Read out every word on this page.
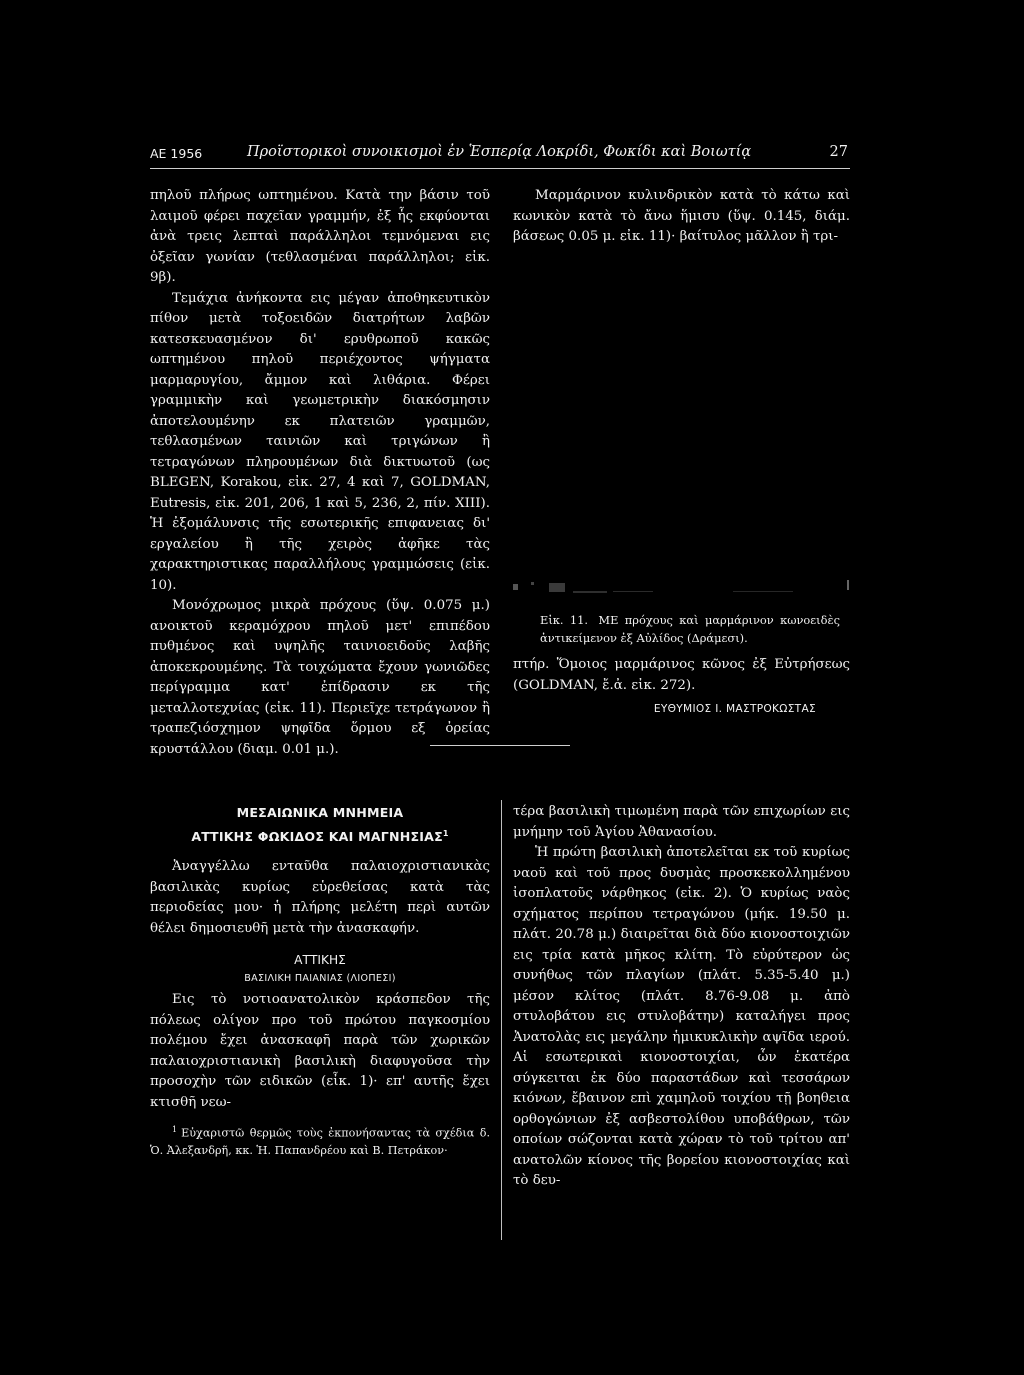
ΑΕ 1956	Προϊστορικοὶ συνοικισμοὶ ἐν Ἑσπερίᾳ Λοκρίδι, Φωκίδι καὶ Βοιωτίᾳ	27

πηλοῦ πλήρως ωπτημένου. Κατὰ την βάσιν τοῦ λαιμοῦ φέρει παχεῖαν γραμμήν, ἐξ ἧς εκφύονται ἀνὰ τρεις λεπταὶ παράλληλοι τεμνόμεναι εις ὀξεῖαν γωνίαν (τεθλασμέναι παράλληλοι; εἰκ. 9β).

Τεμάχια ἀνήκοντα εις μέγαν ἀποθηκευτικὸν πίθον μετὰ τοξοειδῶν διατρήτων λαβῶν κατεσκευασμένον δι' ερυθρωποῦ κακῶς ωπτημένου πηλοῦ περιέχοντος ψήγματα μαρμαρυγίου, ἄμμον καὶ λιθάρια. Φέρει γραμμικὴν καὶ γεωμετρικὴν διακόσμησιν ἀποτελουμένην εκ πλατειῶν γραμμῶν, τεθλασμένων ταινιῶν καὶ τριγώνων ἢ τετραγώνων πληρουμένων διὰ δικτυωτοῦ (ως BLEGEN, Korakou, εἰκ. 27, 4 καὶ 7, GOLDMAN, Eutresis, εἰκ. 201, 206, 1 καὶ 5, 236, 2, πίν. XIII). Ἡ ἐξομάλυνσις τῆς εσωτερικῆς επιφανειας δι' εργαλείου ἢ τῆς χειρὸς ἀφῆκε τὰς χαρακτηριστικας παραλλήλους γραμμώσεις (εἰκ. 10).

Μονόχρωμος μικρὰ πρόχους (ὕψ. 0.075 μ.) ανοικτοῦ κεραμόχρου πηλοῦ μετ' επιπέδου πυθμένος καὶ υψηλῆς ταινιοειδοῦς λαβῆς ἀποκεκρουμένης. Τὰ τοιχώματα ἔχουν γωνιῶδες περίγραμμα κατ' ἐπίδρασιν εκ τῆς μεταλλοτεχνίας (εἰκ. 11). Περιεῖχε τετράγωνον ἢ τραπεζιόσχημον ψηφῖδα ὅρμου εξ ὀρείας κρυστάλλου (διαμ. 0.01 μ.).

Μαρμάρινον κυλινδρικὸν κατὰ τὸ κάτω καὶ κωνικὸν κατὰ τὸ ἄνω ἥμισυ (ὕψ. 0.145, διάμ. βάσεως 0.05 μ. εἰκ. 11)· βαίτυλος μᾶλλον ἢ τρι-

Εἰκ. 11. ΜΕ πρόχους καὶ μαρμάρινον κωνοειδὲς ἀντικείμενον ἐξ Αὐλίδος (Δράμεσι).

πτήρ. Ὅμοιος μαρμάρινος κῶνος ἐξ Εὐτρήσεως (GOLDMAN, ἔ.ἀ. εἰκ. 272).

ΕΥΘΥΜΙΟΣ Ι. ΜΑΣΤΡΟΚΩΣΤΑΣ
ΜΕΣΑΙΩΝΙΚΑ ΜΝΗΜΕΙΑ
ΑΤΤΙΚΗΣ ΦΩΚΙΔΟΣ ΚΑΙ ΜΑΓΝΗΣΙΑΣ$^1$

Ἀναγγέλλω ενταῦθα παλαιοχριστιανικὰς βασιλικὰς κυρίως εὑρεθείσας κατὰ τὰς περιοδείας μου· ἡ πλήρης μελέτη περὶ αυτῶν θέλει δημοσιευθῆ μετὰ τὴν ἀνασκαφήν.

ΑΤΤΙΚΗΣ
ΒΑΣΙΛΙΚΗ ΠΑΙΑΝΙΑΣ (ΛΙΟΠΕΣΙ)

Εις τὸ νοτιοανατολικὸν κράσπεδον τῆς πόλεως ολίγον προ τοῦ πρώτου παγκοσμίου πολέμου ἔχει ἀνασκαφῆ παρὰ τῶν χωρικῶν παλαιοχριστιανικὴ βασιλικὴ διαφυγοῦσα τὴν προσοχὴν τῶν ειδικῶν (εἶκ. 1)· επ' αυτῆς ἔχει κτισθῆ νεω-

$^1$ Εὐχαριστῶ θερμῶς τοὺς ἐκπονήσαντας τὰ σχέδια δ. Ὁ. Ἀλεξανδρῆ, κκ. Ἡ. Παπανδρέου καὶ Β. Πετράκον·

τέρα βασιλικὴ τιμωμένη παρὰ τῶν επιχωρίων εις μνήμην τοῦ Ἁγίου Ἀθανασίου.

Ἡ πρώτη βασιλικὴ ἀποτελεῖται εκ τοῦ κυρίως ναοῦ καὶ τοῦ προς δυσμὰς προσκεκολλημένου ἰσοπλατοῦς νάρθηκος (εἰκ. 2). Ὁ κυρίως ναὸς σχήματος περίπου τετραγώνου (μήκ. 19.50 μ. πλάτ. 20.78 μ.) διαιρεῖται διὰ δύο κιονοστοιχιῶν εις τρία κατὰ μῆκος κλίτη. Τὸ εὐρύτερον ὡς συνήθως τῶν πλαγίων (πλάτ. 5.35-5.40 μ.) μέσον κλίτος (πλάτ. 8.76-9.08 μ. ἀπὸ στυλοβάτου εις στυλοβάτην) καταλήγει προς Ἀνατολὰς εις μεγάλην ἡμικυκλικὴν αψῖδα ιερού. Αἱ εσωτερικαὶ κιονοστοιχίαι, ὧν ἑκατέρα σύγκειται ἐκ δύο παραστάδων καὶ τεσσάρων κιόνων, ἔβαινον επὶ χαμηλοῦ τοιχίου τῇ βοηθεια ορθογώνιων ἐξ ασβεστολίθου υποβάθρων, τῶν οποίων σώζονται κατὰ χώραν τὸ τοῦ τρίτου απ' ανατολῶν κίονος τῆς βορείου κιονοστοιχίας καὶ τὸ δευ-
